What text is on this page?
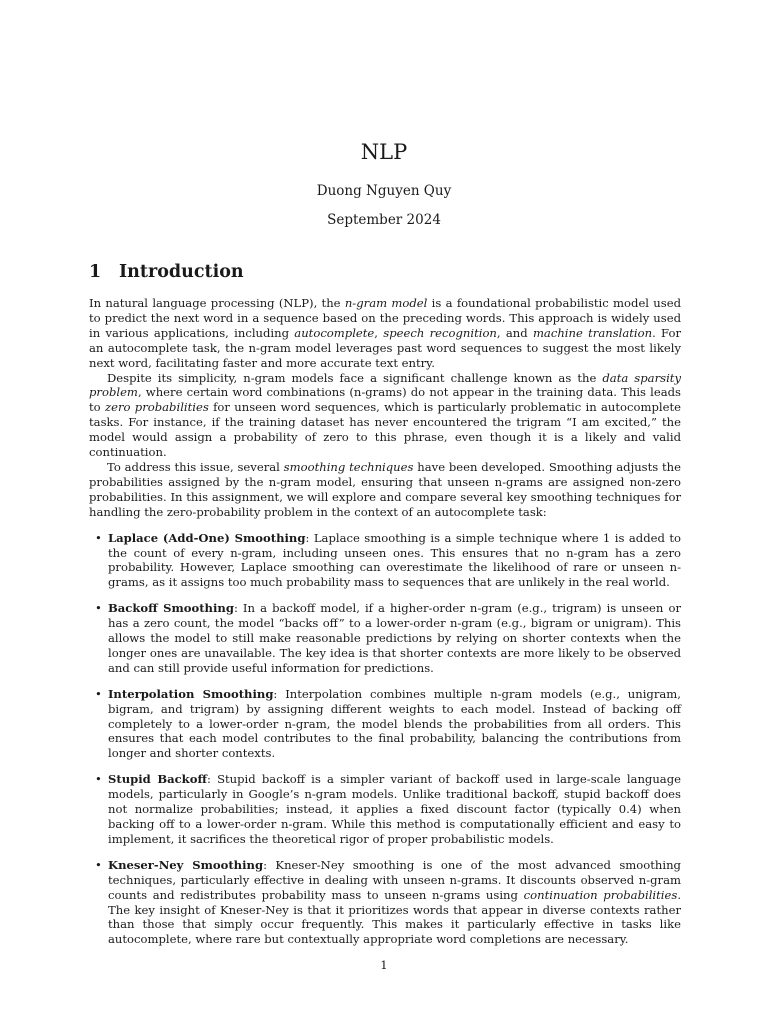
NLP
Duong Nguyen Quy
September 2024
1 Introduction

In natural language processing (NLP), the n-gram model is a foundational probabilistic model used to predict the next word in a sequence based on the preceding words. This approach is widely used in various applications, including autocomplete, speech recognition, and machine translation. For an autocomplete task, the n-gram model leverages past word sequences to suggest the most likely next word, facilitating faster and more accurate text entry.

Despite its simplicity, n-gram models face a significant challenge known as the data sparsity problem, where certain word combinations (n-grams) do not appear in the training data. This leads to zero probabilities for unseen word sequences, which is particularly problematic in autocomplete tasks. For instance, if the training dataset has never encountered the trigram “I am excited,” the model would assign a probability of zero to this phrase, even though it is a likely and valid continuation.

To address this issue, several smoothing techniques have been developed. Smoothing adjusts the probabilities assigned by the n-gram model, ensuring that unseen n-grams are assigned non-zero probabilities. In this assignment, we will explore and compare several key smoothing techniques for handling the zero-probability problem in the context of an autocomplete task:

• Laplace (Add-One) Smoothing: Laplace smoothing is a simple technique where 1 is added to the count of every n-gram, including unseen ones. This ensures that no n-gram has a zero probability. However, Laplace smoothing can overestimate the likelihood of rare or unseen n-grams, as it assigns too much probability mass to sequences that are unlikely in the real world.
• Backoff Smoothing: In a backoff model, if a higher-order n-gram (e.g., trigram) is unseen or has a zero count, the model “backs off” to a lower-order n-gram (e.g., bigram or unigram). This allows the model to still make reasonable predictions by relying on shorter contexts when the longer ones are unavailable. The key idea is that shorter contexts are more likely to be observed and can still provide useful information for predictions.
• Interpolation Smoothing: Interpolation combines multiple n-gram models (e.g., unigram, bigram, and trigram) by assigning different weights to each model. Instead of backing off completely to a lower-order n-gram, the model blends the probabilities from all orders. This ensures that each model contributes to the final probability, balancing the contributions from longer and shorter contexts.
• Stupid Backoff: Stupid backoff is a simpler variant of backoff used in large-scale language models, particularly in Google’s n-gram models. Unlike traditional backoff, stupid backoff does not normalize probabilities; instead, it applies a fixed discount factor (typically 0.4) when backing off to a lower-order n-gram. While this method is computationally efficient and easy to implement, it sacrifices the theoretical rigor of proper probabilistic models.
• Kneser-Ney Smoothing: Kneser-Ney smoothing is one of the most advanced smoothing techniques, particularly effective in dealing with unseen n-grams. It discounts observed n-gram counts and redistributes probability mass to unseen n-grams using continuation probabilities. The key insight of Kneser-Ney is that it prioritizes words that appear in diverse contexts rather than those that simply occur frequently. This makes it particularly effective in tasks like autocomplete, where rare but contextually appropriate word completions are necessary.
1
